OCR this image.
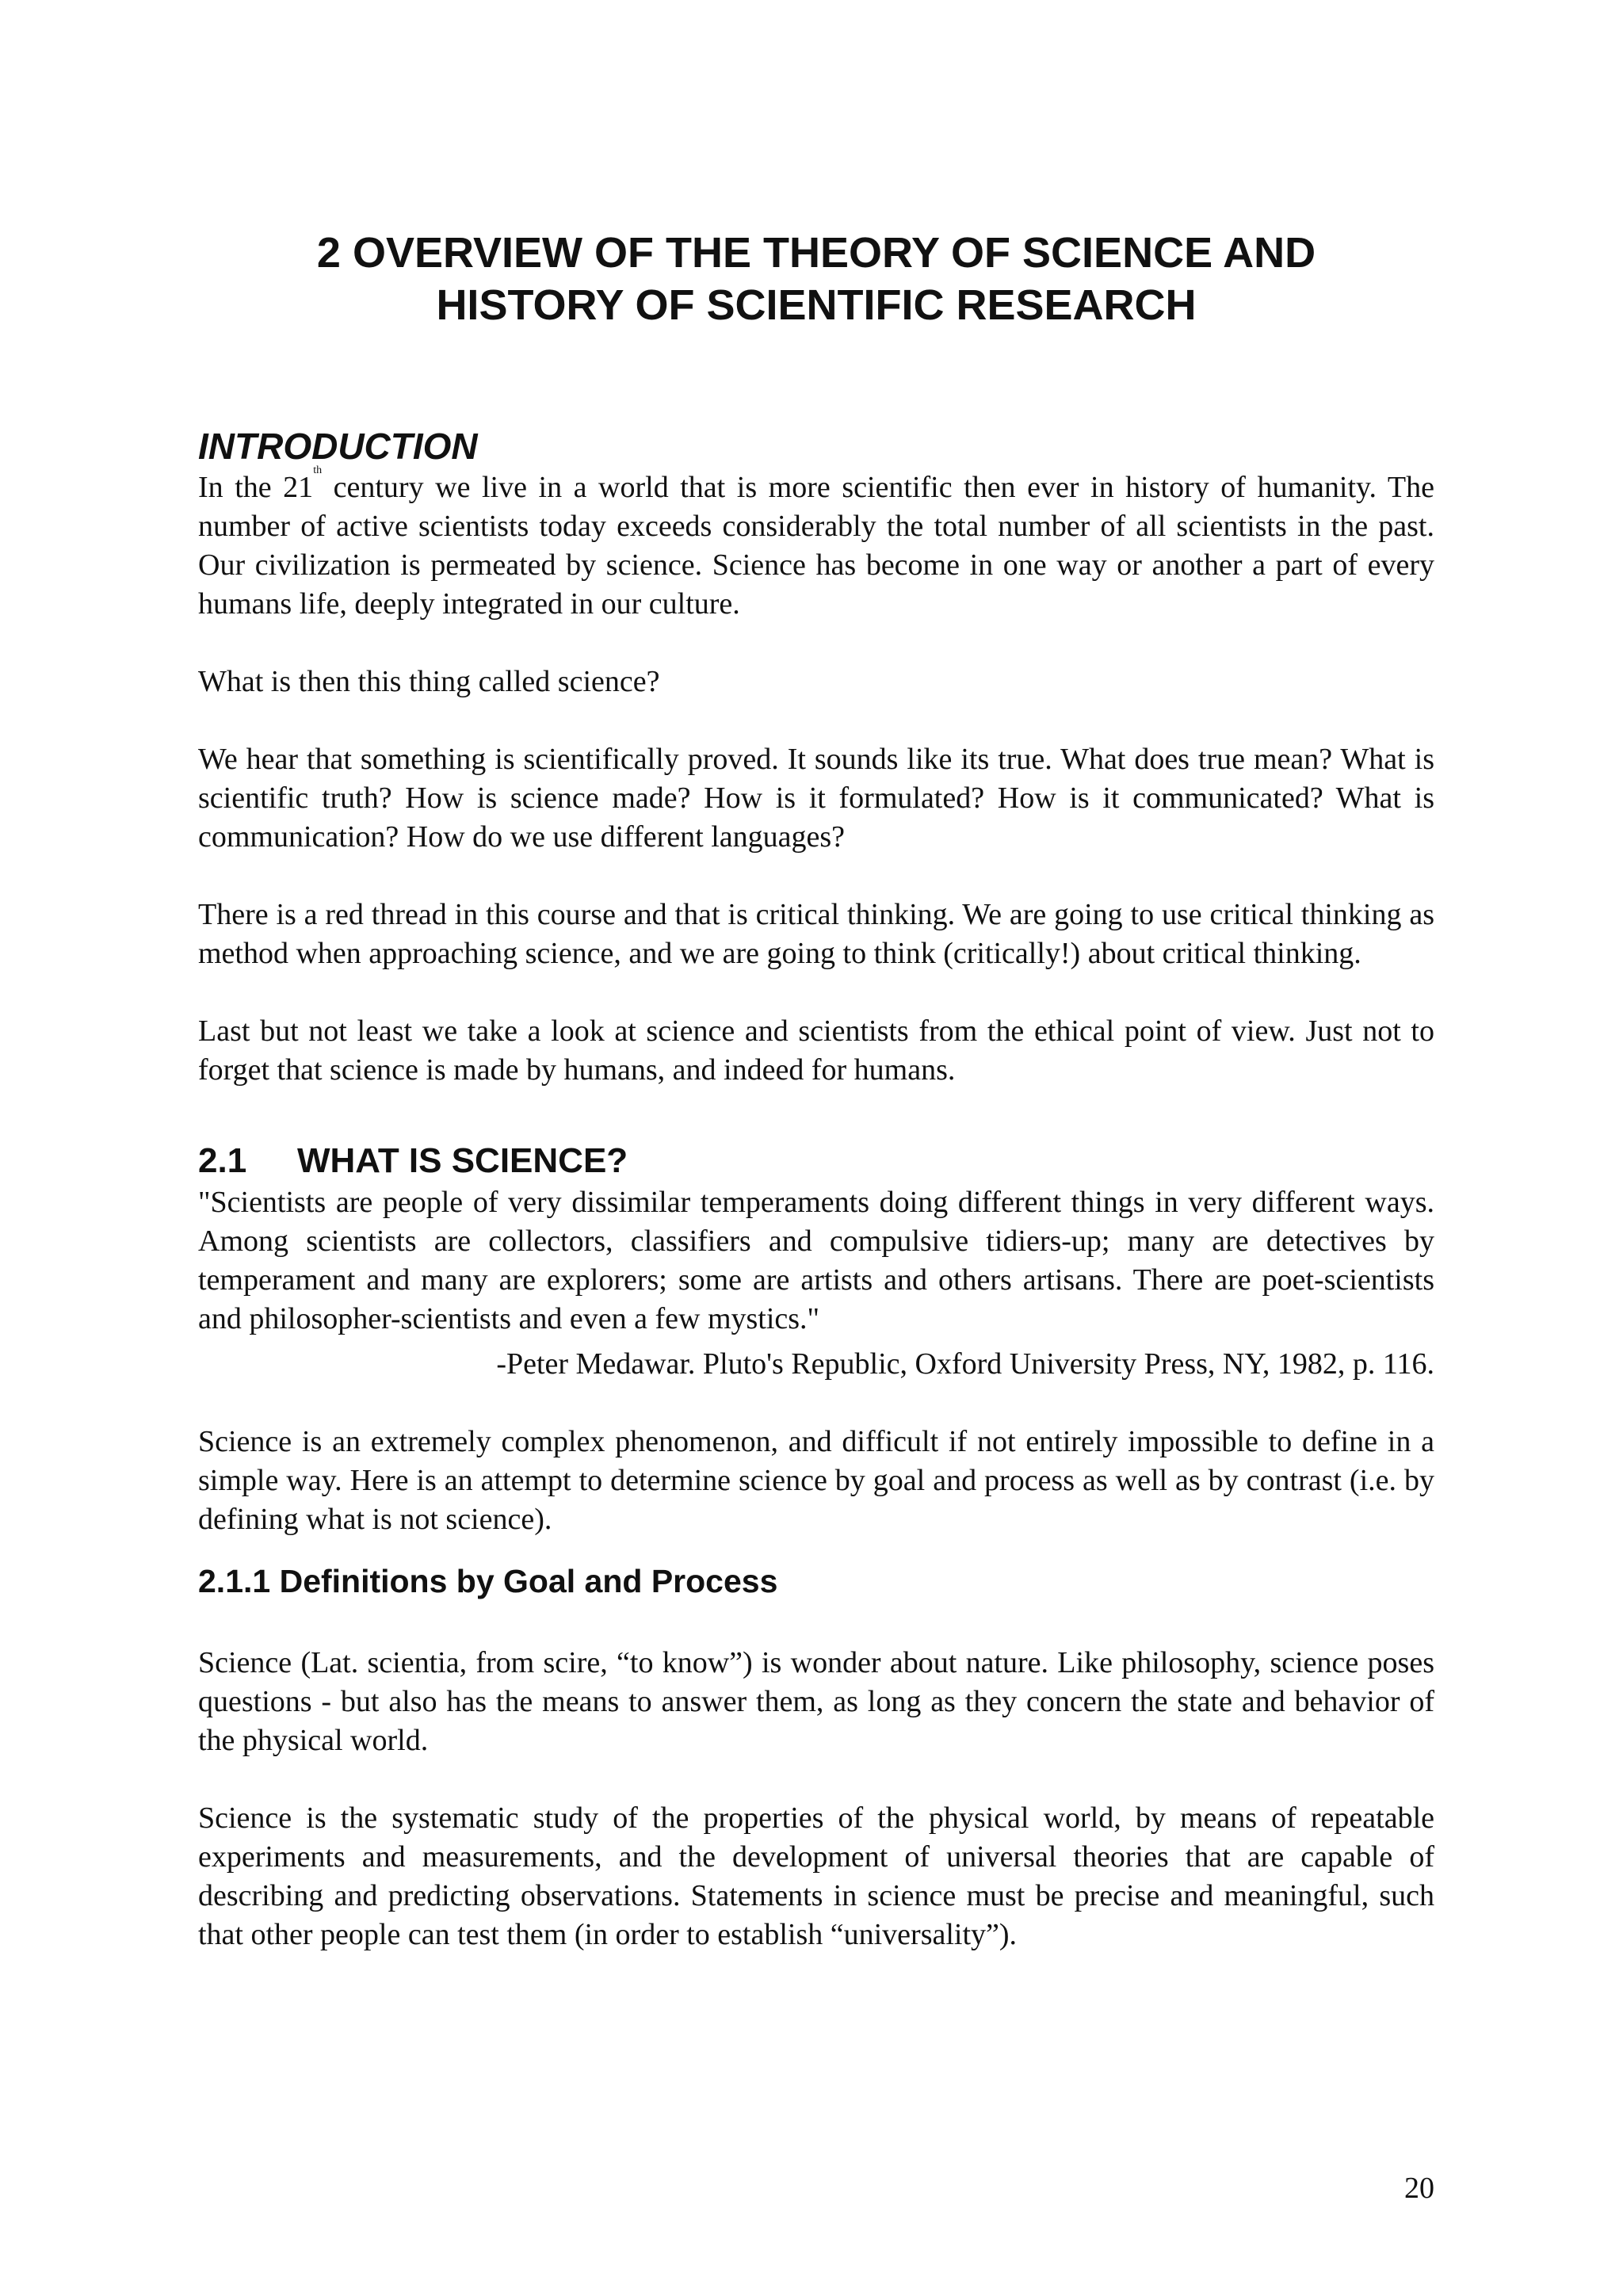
2 OVERVIEW OF THE THEORY OF SCIENCE AND
HISTORY OF SCIENTIFIC RESEARCH
INTRODUCTION

In the 21th century we live in a world that is more scientific then ever in history of humanity. The number of active scientists today exceeds considerably the total number of all scientists in the past. Our civilization is permeated by science. Science has become in one way or another a part of every humans life, deeply integrated in our culture.

What is then this thing called science?

We hear that something is scientifically proved. It sounds like its true. What does true mean? What is scientific truth? How is science made? How is it formulated? How is it communicated? What is communication? How do we use different languages?

There is a red thread in this course and that is critical thinking. We are going to use critical thinking as method when approaching science, and we are going to think (critically!) about critical thinking.

Last but not least we take a look at science and scientists from the ethical point of view. Just not to forget that science is made by humans, and indeed for humans.

2.1 WHAT IS SCIENCE?

"Scientists are people of very dissimilar temperaments doing different things in very different ways. Among scientists are collectors, classifiers and compulsive tidiers-up; many are detectives by temperament and many are explorers; some are artists and others artisans. There are poet-scientists and philosopher-scientists and even a few mystics."

-Peter Medawar. Pluto's Republic, Oxford University Press, NY, 1982, p. 116.

Science is an extremely complex phenomenon, and difficult if not entirely impossible to define in a simple way. Here is an attempt to determine science by goal and process as well as by contrast (i.e. by defining what is not science).

2.1.1 Definitions by Goal and Process

Science (Lat. scientia, from scire, “to know”) is wonder about nature. Like philosophy, science poses questions - but also has the means to answer them, as long as they concern the state and behavior of the physical world.

Science is the systematic study of the properties of the physical world, by means of repeatable experiments and measurements, and the development of universal theories that are capable of describing and predicting observations. Statements in science must be precise and meaningful, such that other people can test them (in order to establish “universality”).

20
